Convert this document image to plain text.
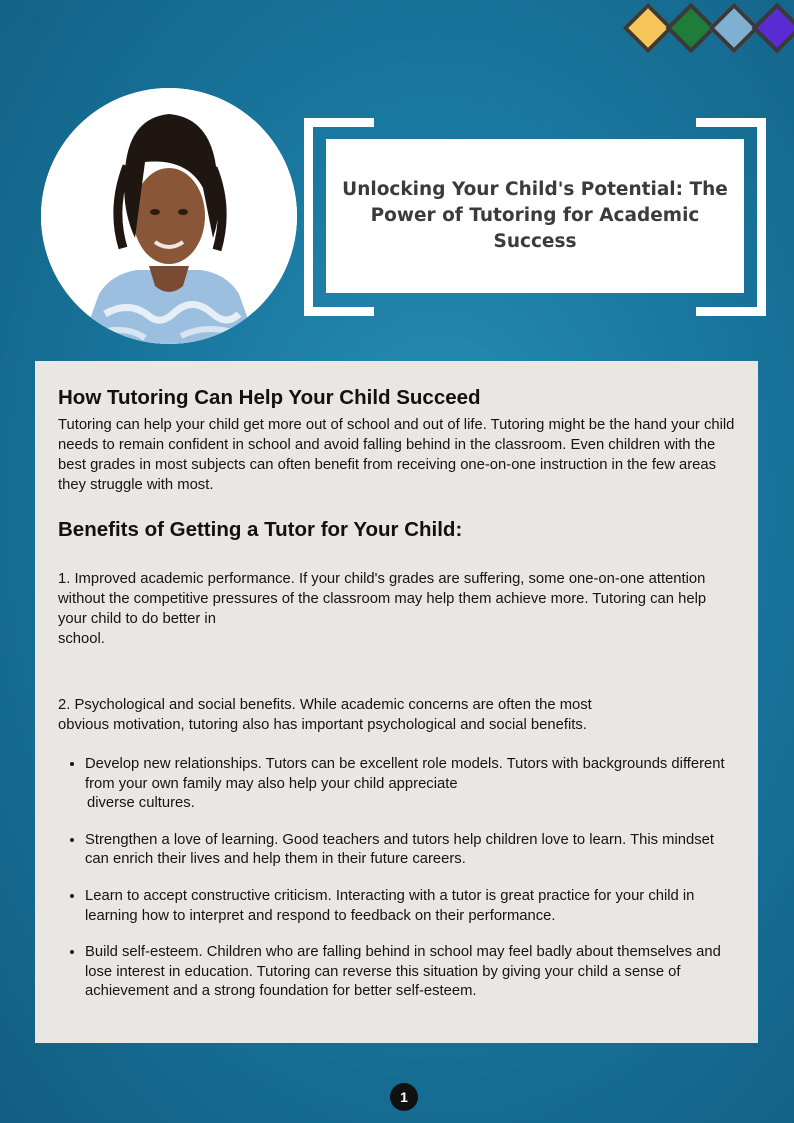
Unlocking Your Child's Potential: The Power of Tutoring for Academic Success
How Tutoring Can Help Your Child Succeed

Tutoring can help your child get more out of school and out of life. Tutoring might be the hand your child needs to remain confident in school and avoid falling behind in the classroom. Even children with the best grades in most subjects can often benefit from receiving one-on-one instruction in the few areas they struggle with most.

Benefits of Getting a Tutor for Your Child:

1. Improved academic performance. If your child's grades are suffering, some one-on-one attention without the competitive pressures of the classroom may help them achieve more. Tutoring can help your child to do better in
school.

2. Psychological and social benefits. While academic concerns are often the most
obvious motivation, tutoring also has important psychological and social benefits.

• Develop new relationships. Tutors can be excellent role models. Tutors with backgrounds different from your own family may also help your child appreciate
diverse cultures.
• Strengthen a love of learning. Good teachers and tutors help children love to learn. This mindset can enrich their lives and help them in their future careers.
• Learn to accept constructive criticism. Interacting with a tutor is great practice for your child in learning how to interpret and respond to feedback on their performance.
• Build self-esteem. Children who are falling behind in school may feel badly about themselves and lose interest in education. Tutoring can reverse this situation by giving your child a sense of achievement and a strong foundation for better self-esteem.
1
